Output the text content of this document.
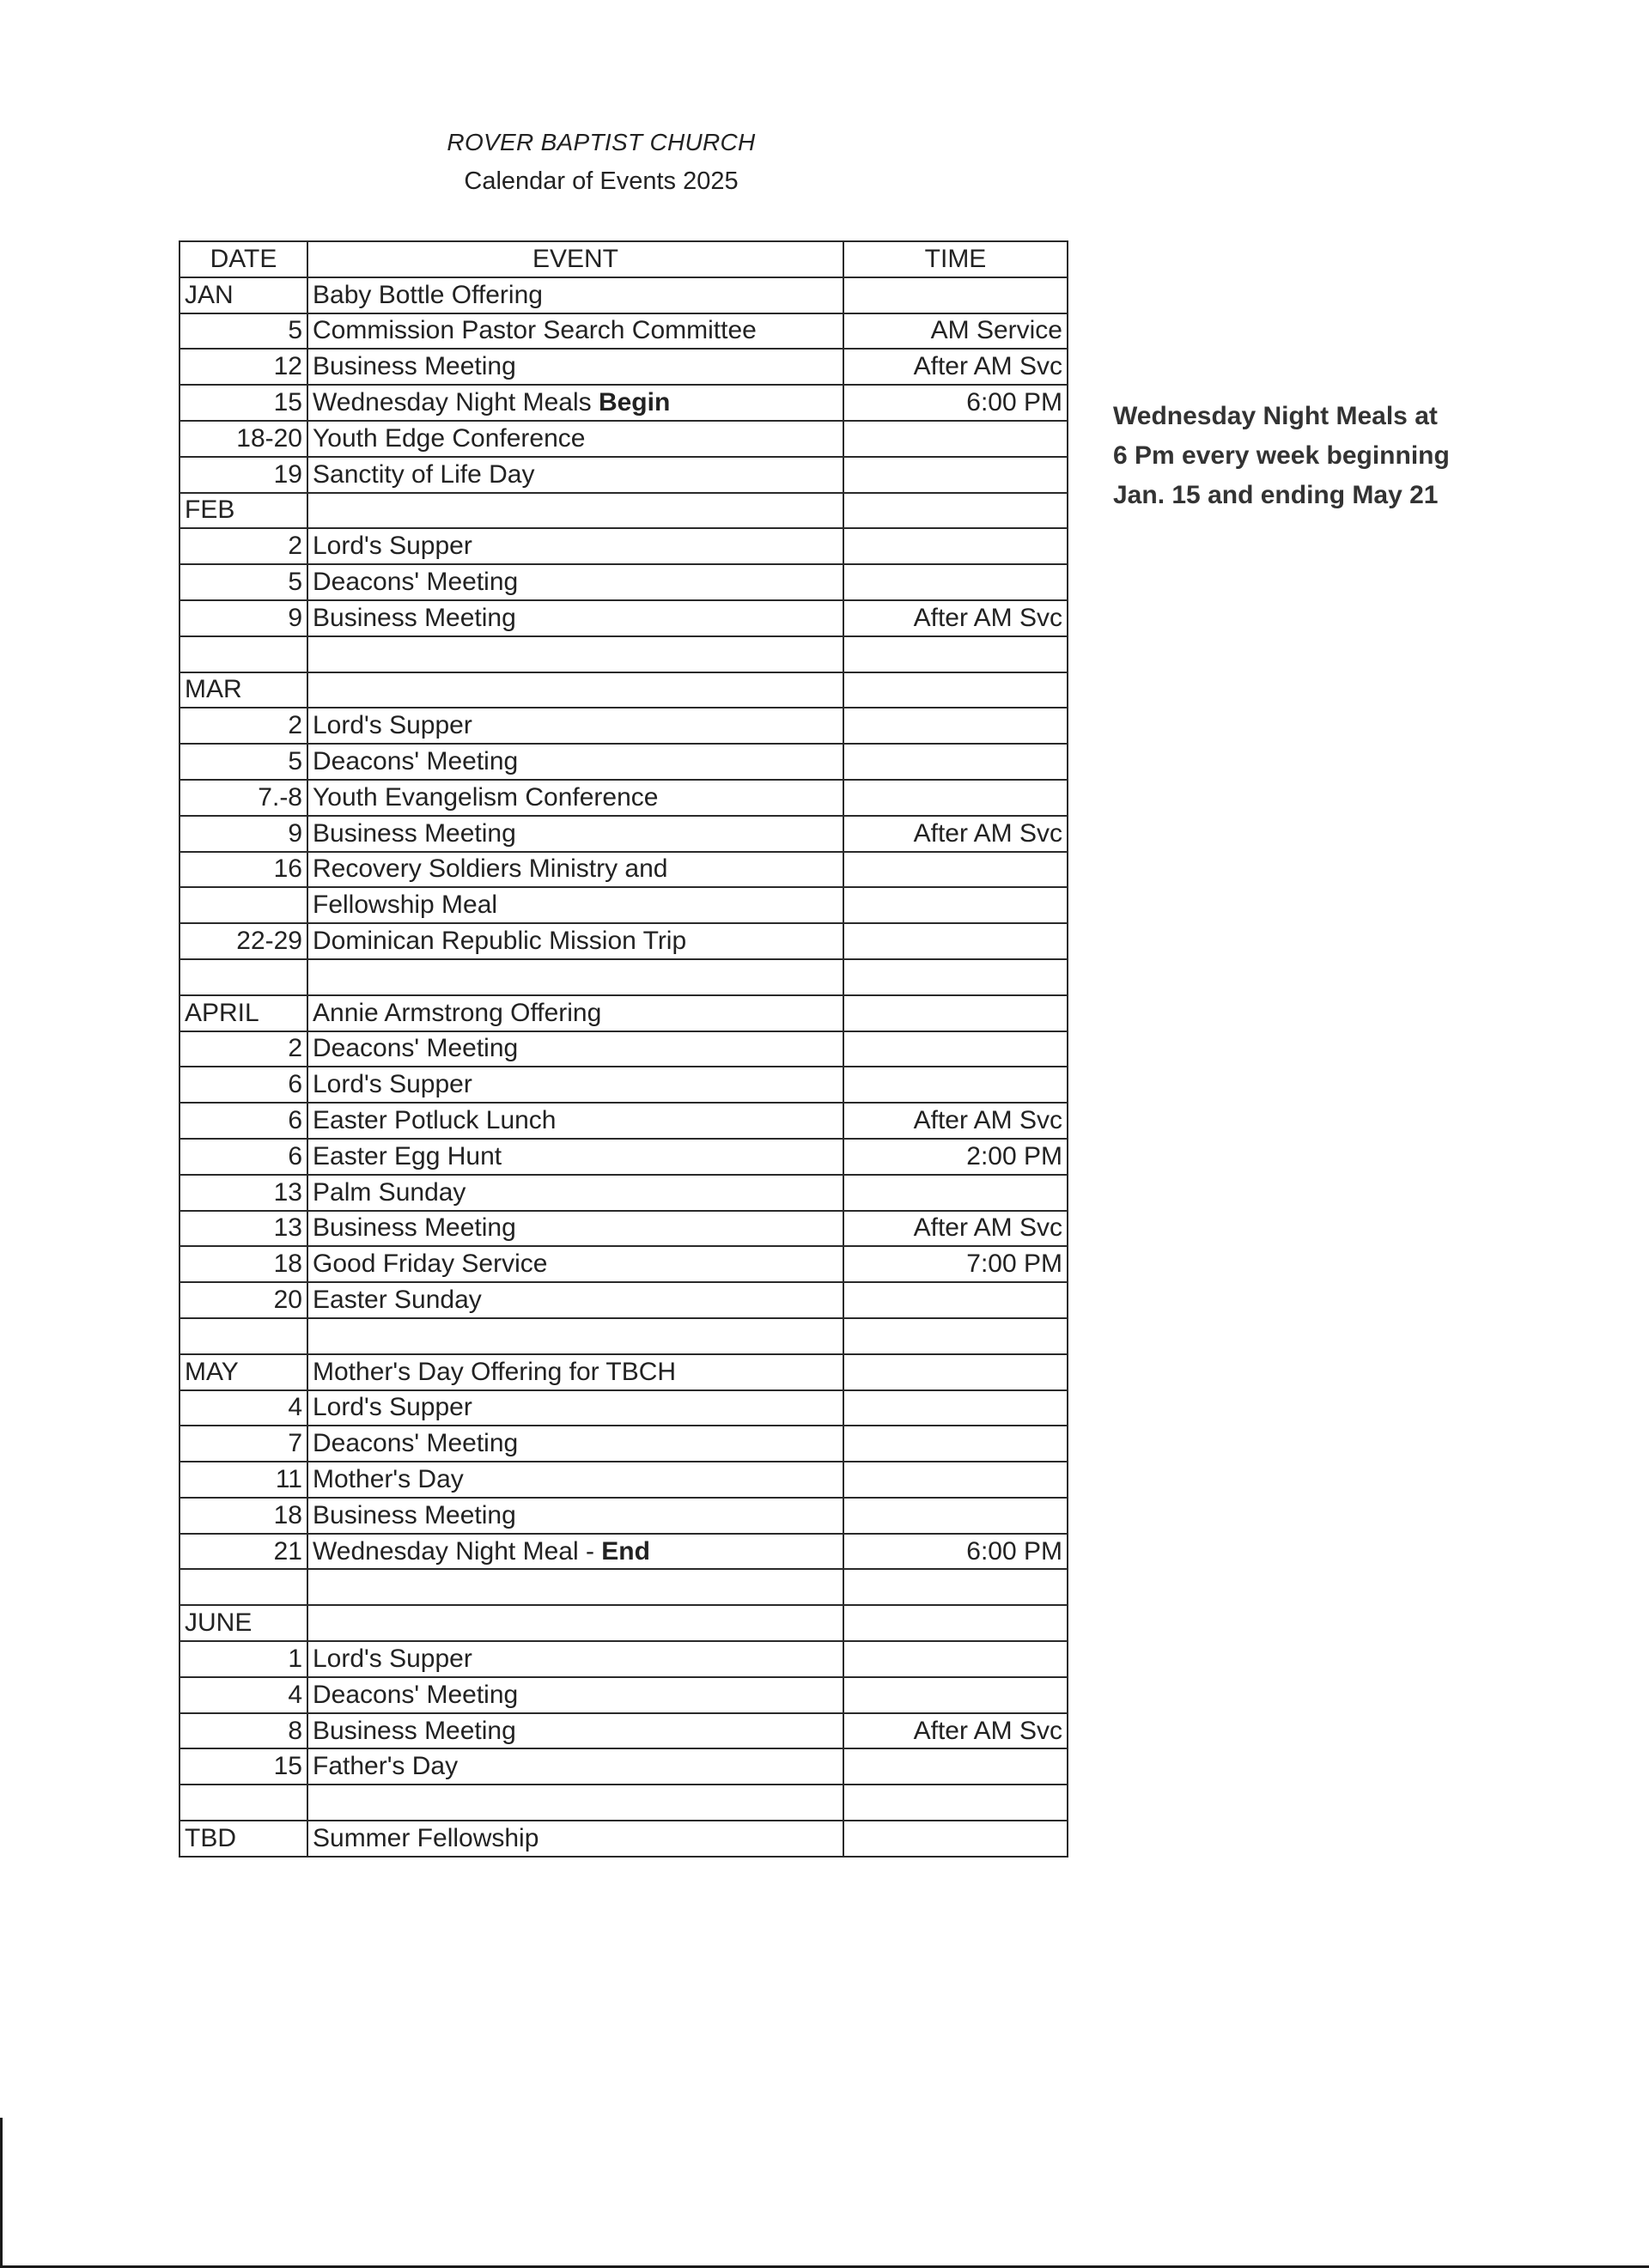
ROVER BAPTIST CHURCH
Calendar of Events 2025
DATE	EVENT	TIME
JAN	Baby Bottle Offering	
5	Commission Pastor Search Committee	AM Service
12	Business Meeting	After AM Svc
15	Wednesday Night Meals Begin	6:00 PM
18-20	Youth Edge Conference	
19	Sanctity of Life Day	
FEB		
2	Lord's Supper	
5	Deacons' Meeting	
9	Business Meeting	After AM Svc

MAR		
2	Lord's Supper	
5	Deacons' Meeting	
7.-8	Youth Evangelism Conference	
9	Business Meeting	After AM Svc
16	Recovery Soldiers Ministry and	
	Fellowship Meal	
22-29	Dominican Republic Mission Trip	

APRIL	Annie Armstrong Offering	
2	Deacons' Meeting	
6	Lord's Supper	
6	Easter Potluck Lunch	After AM Svc
6	Easter Egg Hunt	2:00 PM
13	Palm Sunday	
13	Business Meeting	After AM Svc
18	Good Friday Service	7:00 PM
20	Easter Sunday	

MAY	Mother's Day Offering for TBCH	
4	Lord's Supper	
7	Deacons' Meeting	
11	Mother's Day	
18	Business Meeting	
21	Wednesday Night Meal - End	6:00 PM

JUNE		
1	Lord's Supper	
4	Deacons' Meeting	
8	Business Meeting	After AM Svc
15	Father's Day	

TBD	Summer Fellowship	
Wednesday Night Meals at
6 Pm every week beginning
Jan. 15 and ending May 21
